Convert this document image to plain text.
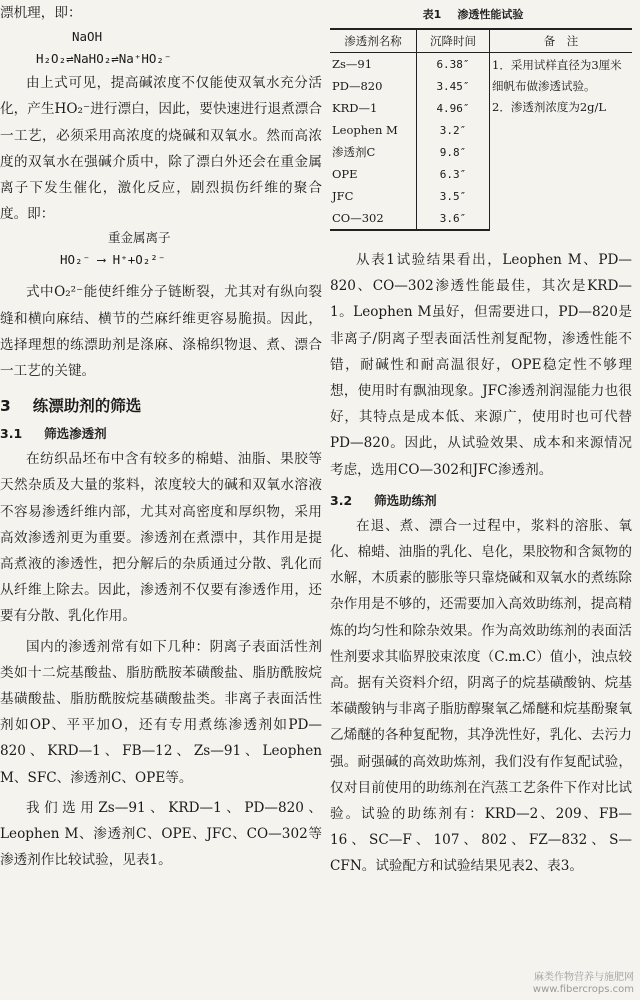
漂机理，即：

NaOH

H₂O₂⇌NaHO₂⇌Na⁺HO₂⁻

由上式可见，提高碱浓度不仅能使双氧水充分活化，产生HO₂⁻进行漂白，因此，要快速进行退煮漂合一工艺，必须采用高浓度的烧碱和双氧水。然而高浓度的双氧水在强碱介质中，除了漂白外还会在重金属离子下发生催化，激化反应，剧烈损伤纤维的聚合度。即：

重金属离子

HO₂⁻ ⟶ H⁺+O₂²⁻

式中O₂²⁻能使纤维分子链断裂，尤其对有纵向裂缝和横向麻结、横节的苎麻纤维更容易脆损。因此，选择理想的练漂助剂是涤麻、涤棉织物退、煮、漂合一工艺的关键。

3 练漂助剂的筛选
3.1 筛选渗透剂

在纺织品坯布中含有较多的棉蜡、油脂、果胶等天然杂质及大量的浆料，浓度较大的碱和双氧水溶液不容易渗透纤维内部，尤其对高密度和厚织物，采用高效渗透剂更为重要。渗透剂在煮漂中，其作用是提高煮液的渗透性，把分解后的杂质通过分散、乳化而从纤维上除去。因此，渗透剂不仅要有渗透作用，还要有分散、乳化作用。

国内的渗透剂常有如下几种：阴离子表面活性剂类如十二烷基酸盐、脂肪酰胺苯磺酸盐、脂肪酰胺烷基磺酸盐、脂肪酰胺烷基磺酸盐类。非离子表面活性剂如OP、平平加O，还有专用煮练渗透剂如PD—820、KRD—1、FB—12、Zs—91、Leophen M、SFC、渗透剂C、OPE等。

我们选用Zs—91、KRD—1、PD—820、Leophen M、渗透剂C、OPE、JFC、CO—302等渗透剂作比较试验，见表1。

表1 渗透性能试验
渗透剂名称	沉降时间	备　注
Zs—91	6.38″	1．采用试样直径为3厘米细帆布做渗透试验。
2．渗透剂浓度为2g/L

PD—820	3.45″	
KRD—1	4.96″	
Leophen M	3.2″	
渗透剂C	9.8″	
OPE	6.3″	
JFC	3.5″	
CO—302	3.6″	

从表1试验结果看出，Leophen M、PD—820、CO—302渗透性能最佳，其次是KRD—1。Leophen M虽好，但需要进口，PD—820是非离子/阴离子型表面活性剂复配物，渗透性能不错，耐碱性和耐高温很好，OPE稳定性不够理想，使用时有飘油现象。JFC渗透剂润湿能力也很好，其特点是成本低、来源广，使用时也可代替PD—820。因此，从试验效果、成本和来源情况考虑，选用CO—302和JFC渗透剂。

3.2 筛选助练剂

在退、煮、漂合一过程中，浆料的溶胀、氧化、棉蜡、油脂的乳化、皂化，果胶物和含氮物的水解，木质素的膨胀等只靠烧碱和双氧水的煮练除杂作用是不够的，还需要加入高效助练剂，提高精炼的均匀性和除杂效果。作为高效助练剂的表面活性剂要求其临界胶束浓度（C.m.C）值小，浊点较高。据有关资料介绍，阴离子的烷基磺酸钠、烷基苯磺酸钠与非离子脂肪醇聚氧乙烯醚和烷基酚聚氧乙烯醚的各种复配物，其净洗性好，乳化、去污力强。耐强碱的高效助炼剂，我们没有作复配试验，仅对目前使用的助练剂在汽蒸工艺条件下作对比试验。试验的助练剂有：KRD—2、209、FB—16、SC—F、107、802、FZ—832、S—CFN。试验配方和试验结果见表2、表3。

麻类作物营养与施肥网
www.fibercrops.com
